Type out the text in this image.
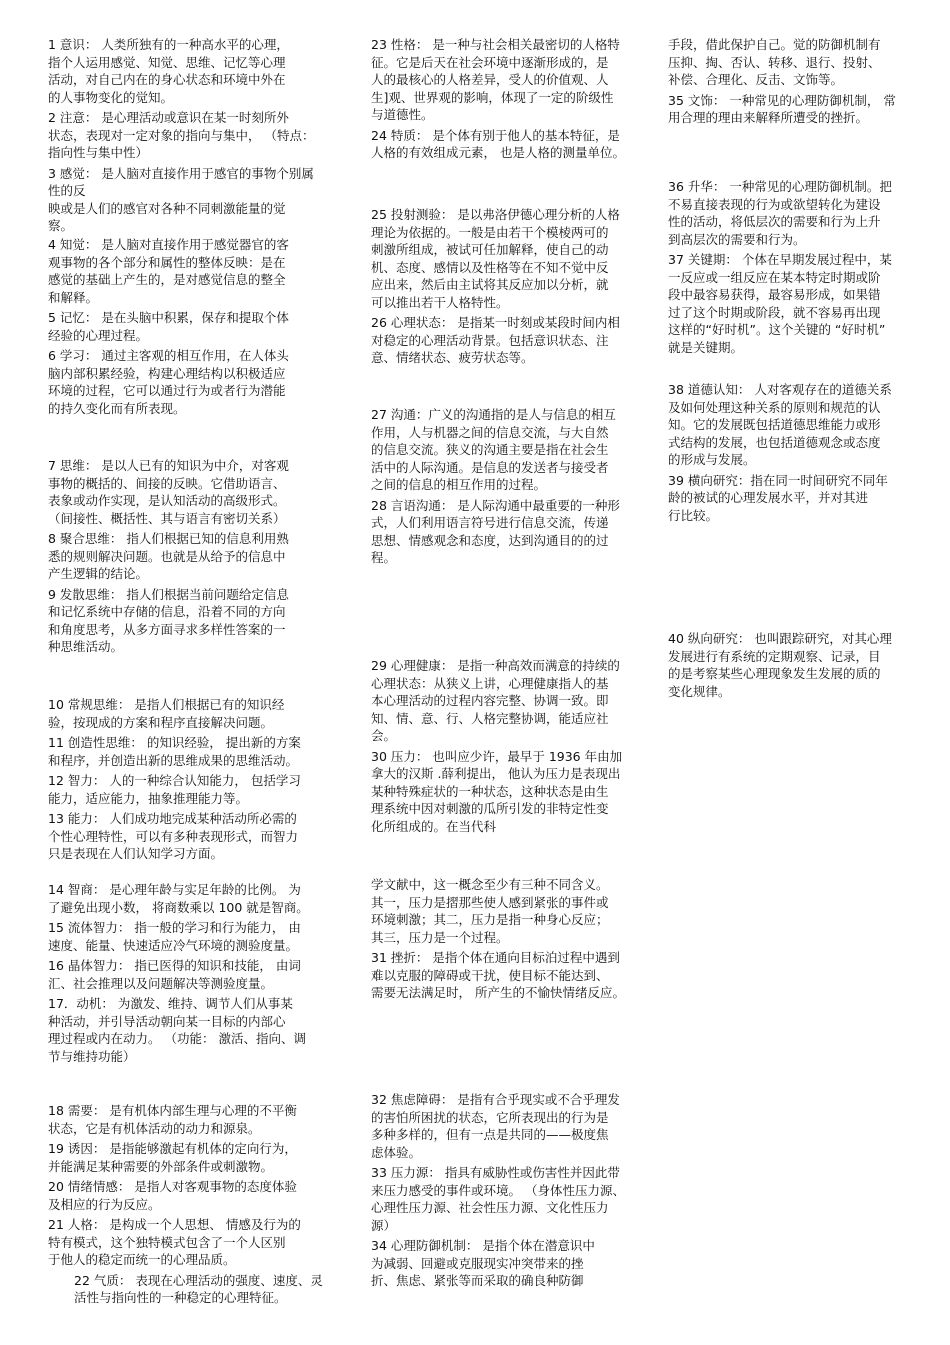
1 意识： 人类所独有的一种高水平的心理，
指个人运用感觉、知觉、思维、记忆等心理
活动，对自己内在的身心状态和环境中外在
的人事物变化的觉知。

2 注意： 是心理活动或意识在某一时刻所外
状态，表现对一定对象的指向与集中， （特点：
指向性与集中性）

3 感觉： 是人脑对直接作用于感官的事物个别属性的反
映或是人们的感官对各种不同刺激能量的觉
察。

4 知觉： 是人脑对直接作用于感觉器官的客
观事物的各个部分和属性的整体反映：是在
感觉的基础上产生的，是对感觉信息的整全
和解释。

5 记忆： 是在头脑中积累，保存和提取个体
经验的心理过程。

6 学习： 通过主客观的相互作用，在人体头
脑内部积累经验，构建心理结构以积极适应
环境的过程，它可以通过行为或者行为潜能
的持久变化而有所表现。

7 思维： 是以人已有的知识为中介，对客观
事物的概括的、间接的反映。它借助语言、
表象或动作实现，是认知活动的高级形式。
（间接性、概括性、其与语言有密切关系）

8 聚合思维： 指人们根据已知的信息利用熟
悉的规则解决问题。也就是从给予的信息中
产生逻辑的结论。

9 发散思维： 指人们根据当前问题给定信息
和记忆系统中存储的信息，沿着不同的方向
和角度思考，从多方面寻求多样性答案的一
种思维活动。

10 常规思维： 是指人们根据已有的知识经
验，按现成的方案和程序直接解决问题。

11 创造性思维： 的知识经验， 提出新的方案
和程序，并创造出新的思维成果的思维活动。

12 智力： 人的一种综合认知能力， 包括学习
能力，适应能力，抽象推理能力等。

13 能力： 人们成功地完成某种活动所必需的
个性心理特性，可以有多种表现形式，而智力
只是表现在人们认知学习方面。

14 智商： 是心理年龄与实足年龄的比例。 为
了避免出现小数， 将商数乘以 100 就是智商。

15 流体智力： 指一般的学习和行为能力， 由
速度、能量、快速适应冷气环境的测验度量。

16 晶体智力： 指已医得的知识和技能， 由词
汇、社会推理以及问题解决等测验度量。

17．动机： 为激发、维持、调节人们从事某
种活动，并引导活动朝向某一目标的内部心
理过程或内在动力。 （功能： 激活、指向、调
节与维持功能）

18 需要： 是有机体内部生理与心理的不平衡
状态，它是有机体活动的动力和源泉。

19 诱因： 是指能够激起有机体的定向行为，
并能满足某种需要的外部条件或刺激物。

20 情绪情感： 是指人对客观事物的态度体验
及相应的行为反应。

21 人格： 是构成一个人思想、 情感及行为的
特有模式，这个独特模式包含了一个人区别
于他人的稳定而统一的心理品质。

22 气质： 表现在心理活动的强度、速度、灵
活性与指向性的一种稳定的心理特征。

23 性格： 是一种与社会相关最密切的人格特
征。它是后天在社会环境中逐渐形成的，是
人的最核心的人格差异，受人的价值观、人
生]观、世界观的影响，体现了一定的阶级性
与道德性。

24 特质： 是个体有别于他人的基本特征，是
人格的有效组成元素， 也是人格的测量单位。

25 投射测验： 是以弗洛伊德心理分析的人格
理论为依据的。一般是由若干个模棱两可的
刺激所组成，被试可任加解释，使自己的动
机、态度、感情以及性格等在不知不觉中反
应出来，然后由主试将其反应加以分析，就
可以推出若干人格特性。

26 心理状态： 是指某一时刻或某段时间内相
对稳定的心理活动背景。包括意识状态、注
意、情绪状态、疲劳状态等。

27 沟通：广义的沟通指的是人与信息的相互
作用，人与机器之间的信息交流，与大自然
的信息交流。狭义的沟通主要是指在社会生
活中的人际沟通。是信息的发送者与接受者
之间的信息的相互作用的过程。

28 言语沟通： 是人际沟通中最重要的一种形
式，人们利用语言符号进行信息交流，传递
思想、情感观念和态度，达到沟通目的的过
程。

29 心理健康： 是指一种高效而满意的持续的
心理状态：从狭义上讲，心理健康指人的基
本心理活动的过程内容完整、协调一致。即
知、情、意、行、人格完整协调，能适应社
会。

30 压力： 也叫应少许，最早于 1936 年由加
拿大的汉斯 .薛利提出， 他认为压力是表现出
某种特殊症状的一种状态，这种状态是由生
理系统中因对刺激的瓜所引发的非特定性变
化所组成的。在当代科

学文献中，这一概念至少有三种不同含义。
其一，压力是摺那些使人感到紧张的事件或
环境刺激；其二，压力是指一种身心反应；
其三，压力是一个过程。

31 挫折： 是指个体在通向目标泊过程中遇到
难以克服的障碍或干扰，使目标不能达到、
需要无法满足时， 所产生的不愉快情绪反应。

32 焦虑障碍： 是指有合乎现实或不合乎理发
的害怕所困扰的状态，它所表现出的行为是
多种多样的，但有一点是共同的——极度焦
虑体验。

33 压力源： 指具有威胁性或伤害性并因此带
来压力感受的事件或环境。 （身体性压力源、
心理性压力源、社会性压力源、文化性压力
源）

34 心理防御机制： 是指个体在潜意识中
为减弱、回避或克服现实冲突带来的挫
折、焦虑、紧张等而采取的确良种防御

手段，借此保护自己。觉的防御机制有
压抑、掏、否认、转移、退行、投射、
补偿、合理化、反击、文饰等。

35 文饰： 一种常见的心理防御机制， 常
用合理的理由来解释所遭受的挫折。

36 升华： 一种常见的心理防御机制。把
不易直接表现的行为或欲望转化为建设
性的活动，将低层次的需要和行为上升
到高层次的需要和行为。

37 关键期： 个体在早期发展过程中，某
一反应或一组反应在某本特定时期或阶
段中最容易获得，最容易形成，如果错
过了这个时期或阶段，就不容易再出现
这样的“好时机”。这个关键的 “好时机”
就是关键期。

38 道德认知： 人对客观存在的道德关系
及如何处理这种关系的原则和规范的认
知。它的发展既包括道德思维能力或形
式结构的发展，也包括道德观念或态度
的形成与发展。

39 横向研究：指在同一时间研究不同年
龄的被试的心理发展水平，并对其进
行比较。

40 纵向研究： 也叫跟踪研究，对其心理
发展进行有系统的定期观察、记录，目
的是考察某些心理现象发生发展的质的
变化规律。
